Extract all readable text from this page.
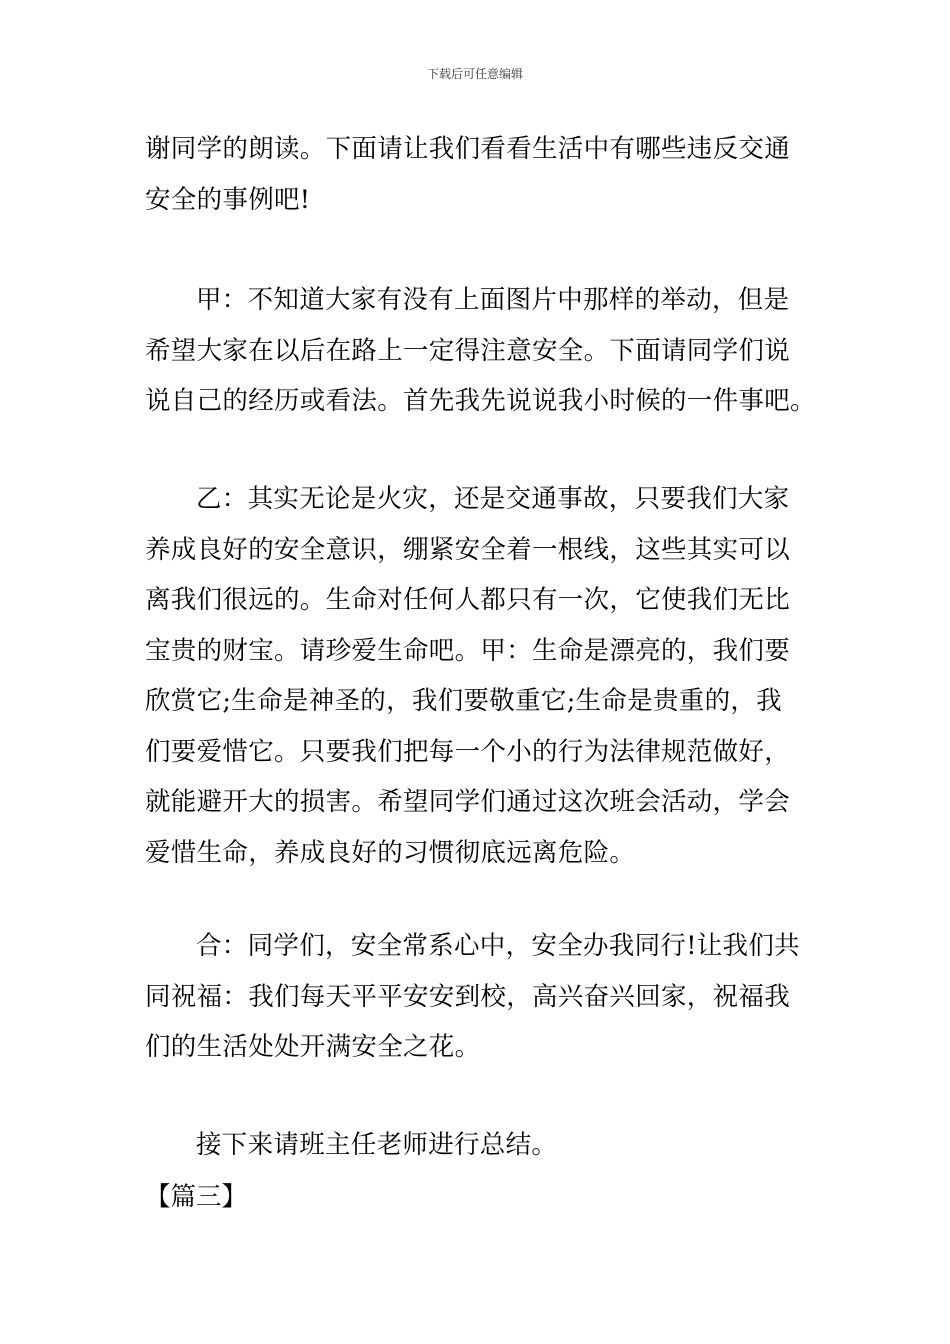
下载后可任意编辑
谢同学的朗读。下面请让我们看看生活中有哪些违反交通
安全的事例吧!
甲：不知道大家有没有上面图片中那样的举动，但是
希望大家在以后在路上一定得注意安全。下面请同学们说
说自己的经历或看法。首先我先说说我小时候的一件事吧。
乙：其实无论是火灾，还是交通事故，只要我们大家
养成良好的安全意识，绷紧安全着一根线，这些其实可以
离我们很远的。生命对任何人都只有一次，它使我们无比
宝贵的财宝。请珍爱生命吧。甲：生命是漂亮的，我们要
欣赏它;生命是神圣的，我们要敬重它;生命是贵重的，我
们要爱惜它。只要我们把每一个小的行为法律规范做好，
就能避开大的损害。希望同学们通过这次班会活动，学会
爱惜生命，养成良好的习惯彻底远离危险。
合：同学们，安全常系心中，安全办我同行!让我们共
同祝福：我们每天平平安安到校，高兴奋兴回家，祝福我
们的生活处处开满安全之花。
接下来请班主任老师进行总结。
【篇三】
